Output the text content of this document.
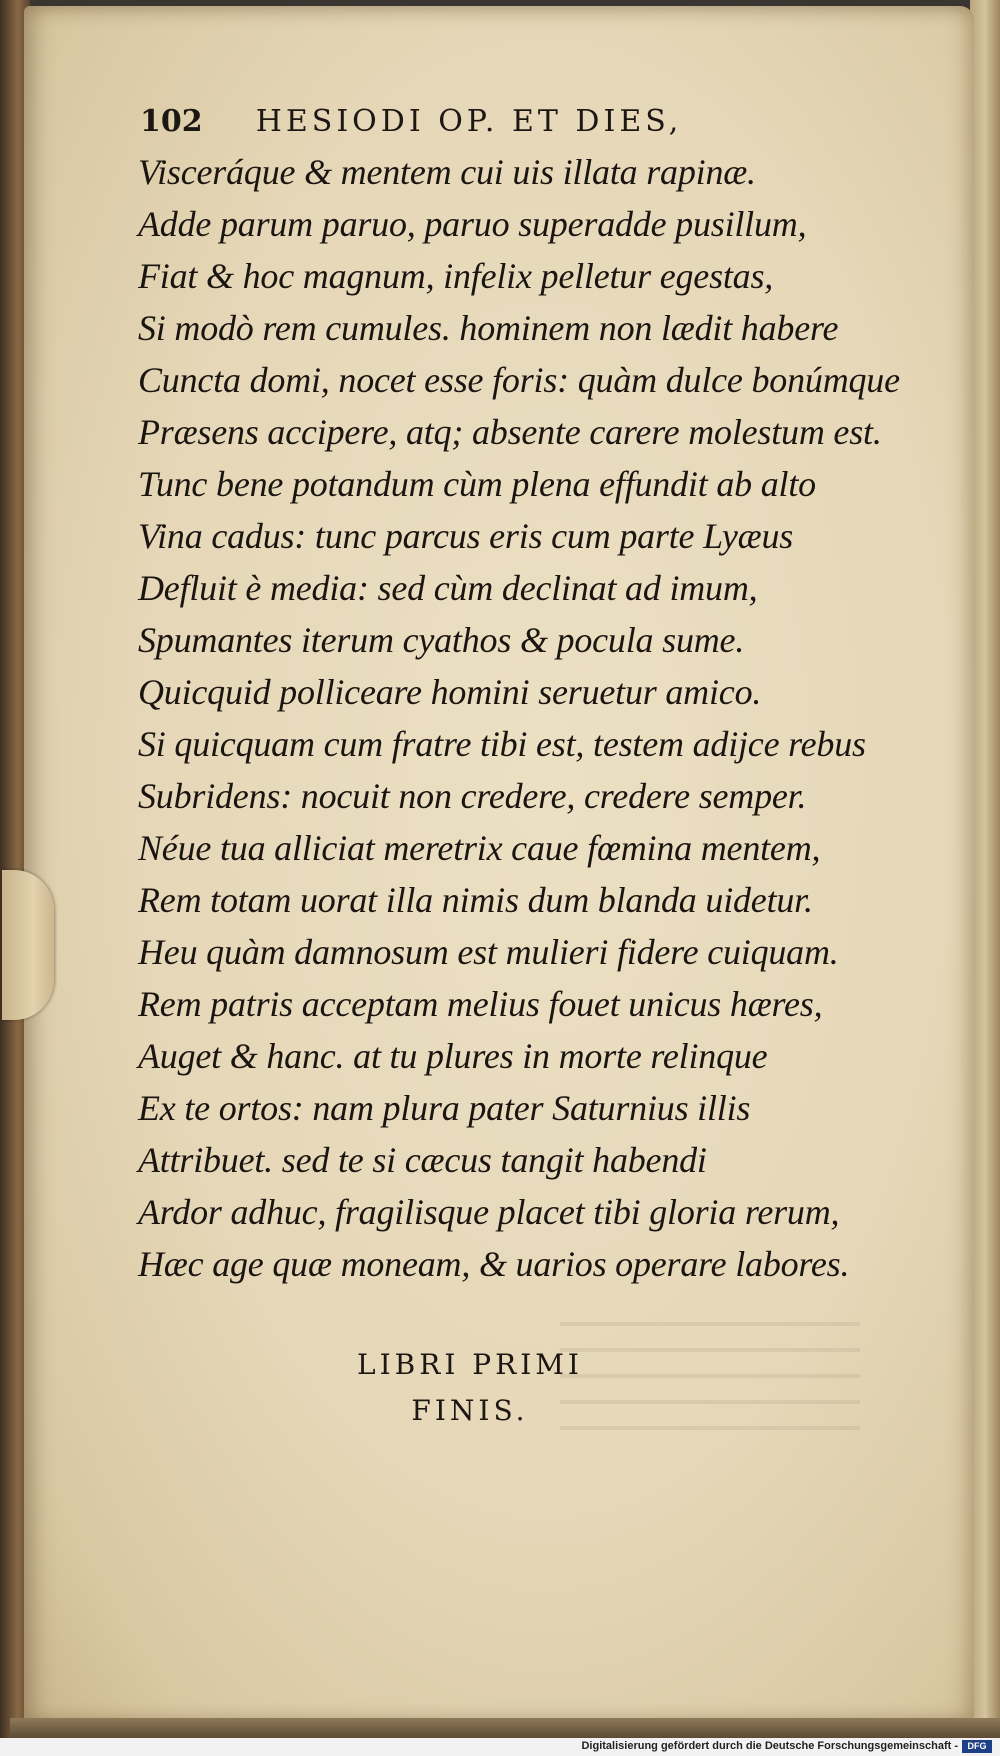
102 HESIODI OP. ET DIES,
Visceráque & mentem cui uis illata rapinæ.
Adde parum paruo, paruo superadde pusillum,
Fiat & hoc magnum, infelix pelletur egestas,
Si modò rem cumules. hominem non lædit habere
Cuncta domi, nocet esse foris: quàm dulce bonúmque
Præsens accipere, atq; absente carere molestum est.
Tunc bene potandum cùm plena effundit ab alto
Vina cadus: tunc parcus eris cum parte Lyæus
Defluit è media: sed cùm declinat ad imum,
Spumantes iterum cyathos & pocula sume.
Quicquid polliceare homini seruetur amico.
Si quicquam cum fratre tibi est, testem adijce rebus
Subridens: nocuit non credere, credere semper.
Néue tua alliciat meretrix caue fœmina mentem,
Rem totam uorat illa nimis dum blanda uidetur.
Heu quàm damnosum est mulieri fidere cuiquam.
Rem patris acceptam melius fouet unicus hæres,
Auget & hanc. at tu plures in morte relinque
Ex te ortos: nam plura pater Saturnius illis
Attribuet. sed te si cæcus tangit habendi
Ardor adhuc, fragilisque placet tibi gloria rerum,
Hæc age quæ moneam, & uarios operare labores.
LIBRI PRIMI
FINIS.
Digitalisierung gefördert durch die Deutsche Forschungsgemeinschaft -	DFG
